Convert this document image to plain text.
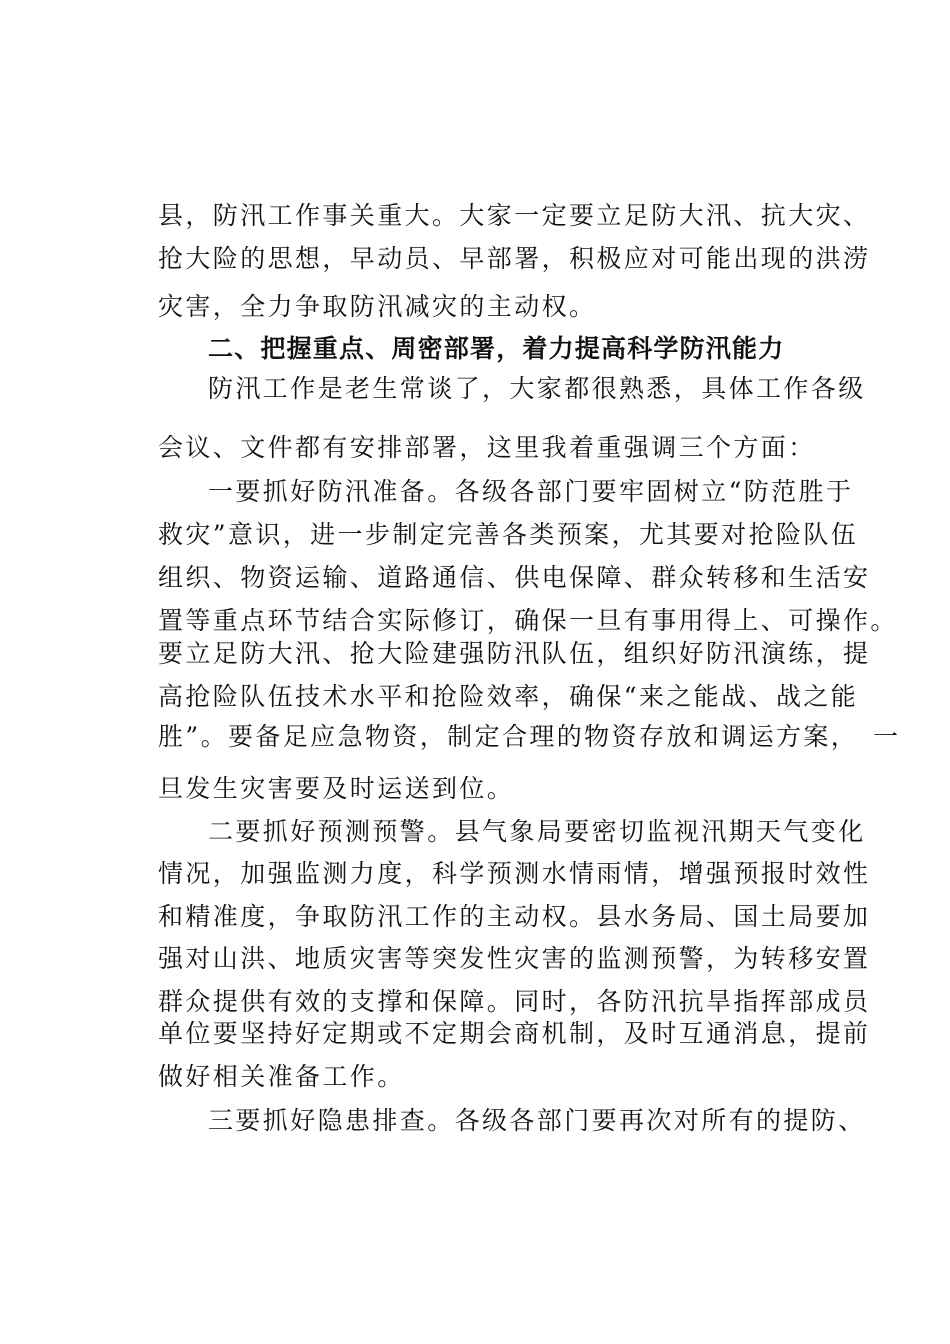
县，防汛工作事关重大。大家一定要立足防大汛、抗大灾、
抢大险的思想，早动员、早部署，积极应对可能出现的洪涝
灾害，全力争取防汛减灾的主动权。
二、把握重点、周密部署，着力提高科学防汛能力
防汛工作是老生常谈了，大家都很熟悉，具体工作各级
会议、文件都有安排部署，这里我着重强调三个方面：
一要抓好防汛准备。各级各部门要牢固树立“防范胜于
救灾”意识，进一步制定完善各类预案，尤其要对抢险队伍
组织、物资运输、道路通信、供电保障、群众转移和生活安
置等重点环节结合实际修订，确保一旦有事用得上、可操作。
要立足防大汛、抢大险建强防汛队伍，组织好防汛演练，提
高抢险队伍技术水平和抢险效率，确保“来之能战、战之能
胜”。要备足应急物资，制定合理的物资存放和调运方案，　一
旦发生灾害要及时运送到位。
二要抓好预测预警。县气象局要密切监视汛期天气变化
情况，加强监测力度，科学预测水情雨情，增强预报时效性
和精准度，争取防汛工作的主动权。县水务局、国土局要加
强对山洪、地质灾害等突发性灾害的监测预警，为转移安置
群众提供有效的支撑和保障。同时，各防汛抗旱指挥部成员
单位要坚持好定期或不定期会商机制，及时互通消息，提前
做好相关准备工作。
三要抓好隐患排查。各级各部门要再次对所有的提防、
